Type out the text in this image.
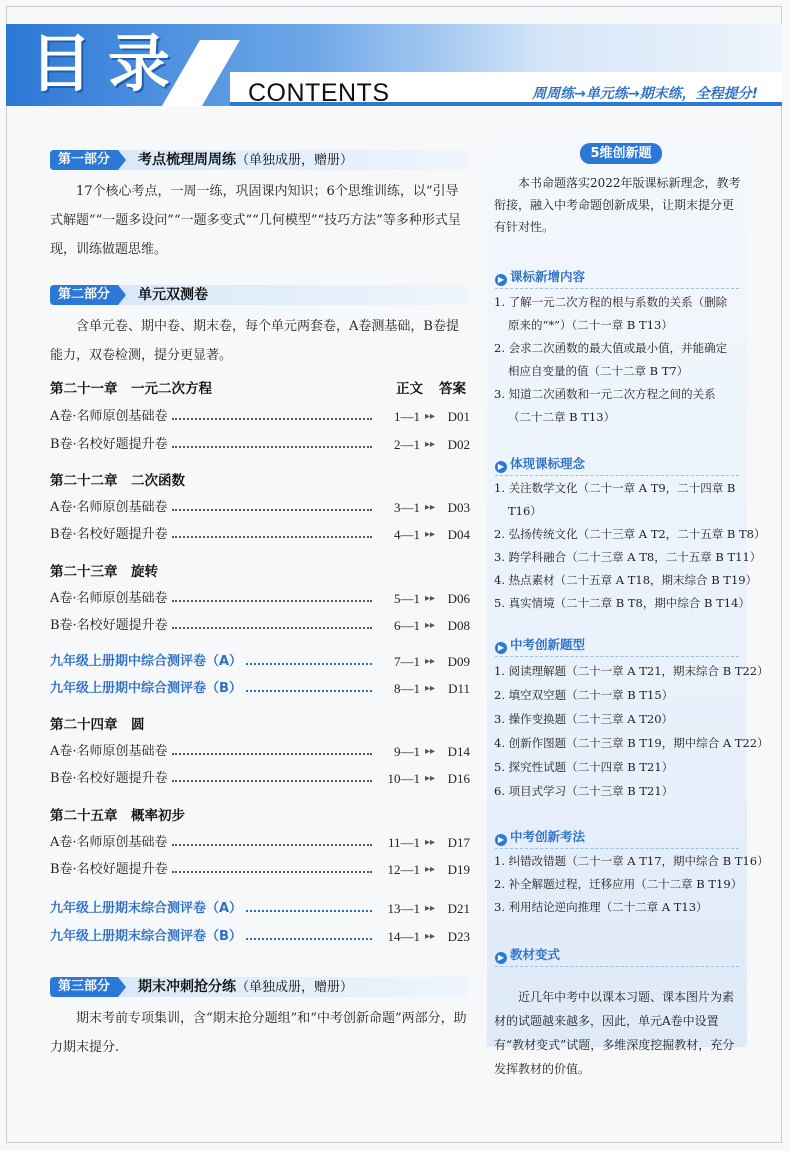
目录 CONTENTS	周周练→单元练→期末练，全程提分!
第一部分	考点梳理周周练（单独成册，赠册）
17个核心考点，一周一练，巩固课内知识；6个思维训练，以“引导式解题”“一题多设问”“一题多变式”“几何模型”“技巧方法”等多种形式呈现，训练做题思维。
第二部分	单元双测卷
含单元卷、期中卷、期末卷，每个单元两套卷，A卷测基础，B卷提能力，双卷检测，提分更显著。
第二十一章　一元二次方程	正文 答案
A卷·名师原创基础卷	1—1 ▸▸ D01
B卷·名校好题提升卷	2—1 ▸▸ D02
第二十二章　二次函数
A卷·名师原创基础卷	3—1 ▸▸ D03
B卷·名校好题提升卷	4—1 ▸▸ D04
第二十三章　旋转
A卷·名师原创基础卷	5—1 ▸▸ D06
B卷·名校好题提升卷	6—1 ▸▸ D08
九年级上册期中综合测评卷（A）	7—1 ▸▸ D09
九年级上册期中综合测评卷（B）	8—1 ▸▸	D11
第二十四章　圆
A卷·名师原创基础卷	9—1 ▸▸ D14
B卷·名校好题提升卷	10—1 ▸▸ D16
第二十五章　概率初步
A卷·名师原创基础卷	11—1 ▸▸ D17
B卷·名校好题提升卷	12—1 ▸▸ D19
九年级上册期末综合测评卷（A）	13—1 ▸▸ D21
九年级上册期末综合测评卷（B）	14—1 ▸▸ D23
第三部分	期末冲刺抢分练（单独成册，赠册）
期末考前专项集训，含“期末抢分题组”和“中考创新命题”两部分，助力期末提分.
5维创新题
本书命题落实2022年版课标新理念，教考衔接，融入中考命题创新成果，让期末提分更有针对性。
▶ 课标新增内容
1. 了解一元二次方程的根与系数的关系（删除
原来的“*”）（二十一章 B T13）
2. 会求二次函数的最大值或最小值，并能确定
相应自变量的值（二十二章 B T7）
3. 知道二次函数和一元二次方程之间的关系
（二十二章 B T13）
▶ 体现课标理念
1. 关注数学文化（二十一章 A T9，二十四章 B
T16）
2. 弘扬传统文化（二十三章 A T2，二十五章 B T8）
3. 跨学科融合（二十三章 A T8，二十五章 B T11）
4. 热点素材（二十五章 A T18，期末综合 B T19）
5. 真实情境（二十二章 B T8，期中综合 B T14）
▶ 中考创新题型
1. 阅读理解题（二十一章 A T21，期末综合 B T22）
2. 填空双空题（二十一章 B T15）
3. 操作变换题（二十三章 A T20）
4. 创新作图题（二十三章 B T19，期中综合 A T22）
5. 探究性试题（二十四章 B T21）
6. 项目式学习（二十三章 B T21）
▶ 中考创新考法
1. 纠错改错题（二十一章 A T17，期中综合 B T16）
2. 补全解题过程，迁移应用（二十二章 B T19）
3. 利用结论逆向推理（二十二章 A T13）
▶ 教材变式
近几年中考中以课本习题、课本图片为素材的试题越来越多，因此，单元A卷中设置有“教材变式”试题，多维深度挖掘教材，充分发挥教材的价值。
